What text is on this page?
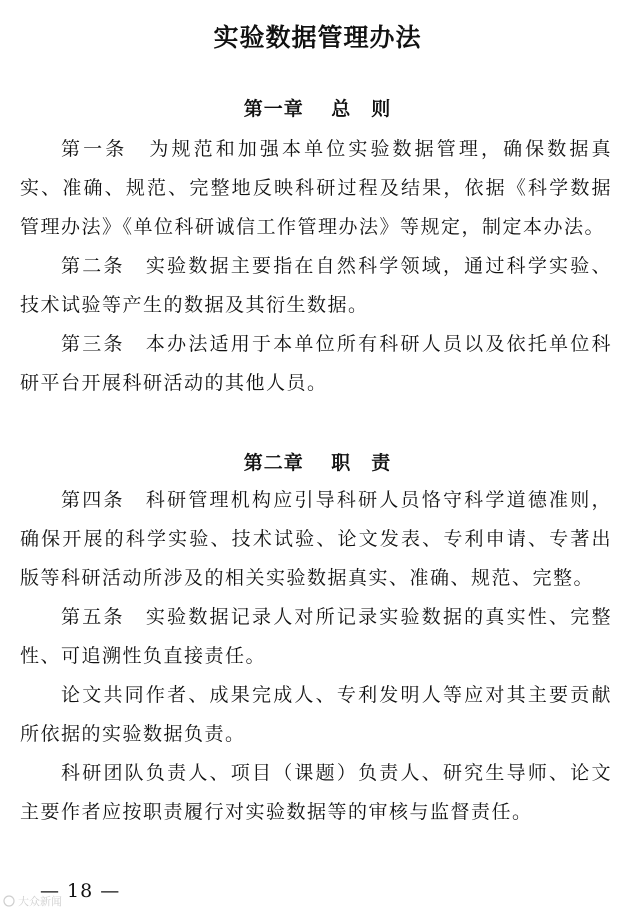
实验数据管理办法
第一章　 总　则
第一条　为规范和加强本单位实验数据管理，确保数据真实、准确、规范、完整地反映科研过程及结果，依据《科学数据管理办法》《单位科研诚信工作管理办法》等规定，制定本办法。
第二条　实验数据主要指在自然科学领域，通过科学实验、技术试验等产生的数据及其衍生数据。
第三条　本办法适用于本单位所有科研人员以及依托单位科研平台开展科研活动的其他人员。
第二章　 职　责
第四条　科研管理机构应引导科研人员恪守科学道德准则，确保开展的科学实验、技术试验、论文发表、专利申请、专著出版等科研活动所涉及的相关实验数据真实、准确、规范、完整。
第五条　实验数据记录人对所记录实验数据的真实性、完整性、可追溯性负直接责任。
论文共同作者、成果完成人、专利发明人等应对其主要贡献所依据的实验数据负责。
科研团队负责人、项目（课题）负责人、研究生导师、论文主要作者应按职责履行对实验数据等的审核与监督责任。
— 18 —
大众新闻
